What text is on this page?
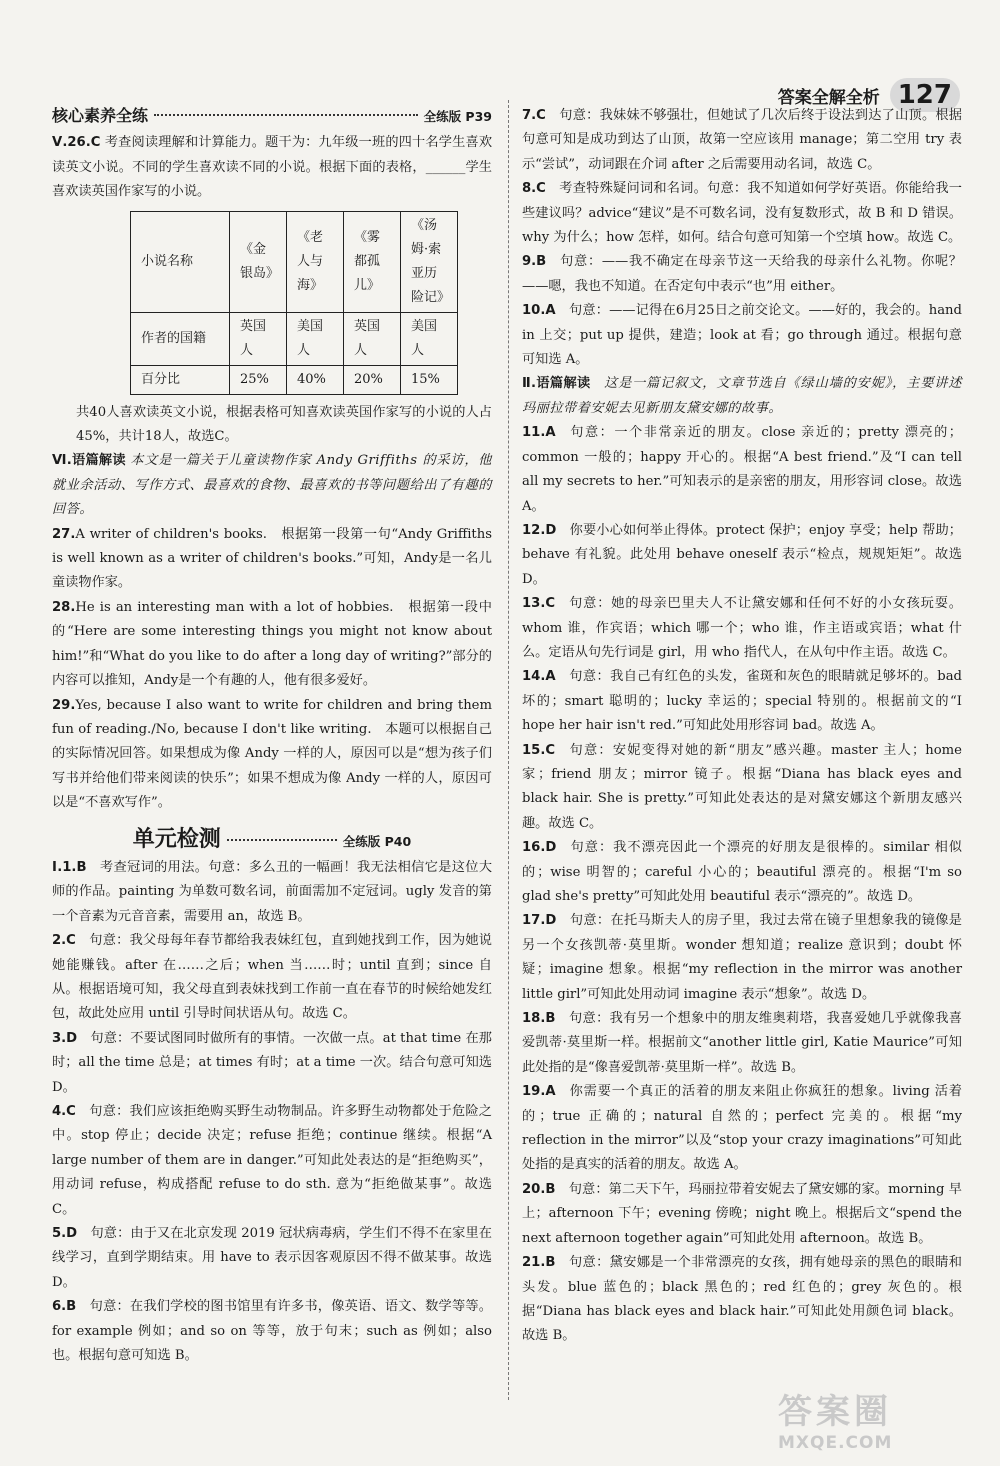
答案全解全析 127
核心素养全练	全练版 P39

Ⅴ.26.C 考查阅读理解和计算能力。题干为：九年级一班的四十名学生喜欢读英文小说。不同的学生喜欢读不同的小说。根据下面的表格，______学生喜欢读英国作家写的小说。

小说名称	《金银岛》	《老人与海》	《雾都孤儿》	《汤姆·索亚历险记》
作者的国籍	英国人	美国人	英国人	美国人
百分比	25%	40%	20%	15%

共40人喜欢读英文小说，根据表格可知喜欢读英国作家写的小说的人占45%，共计18人，故选C。

Ⅵ.语篇解读 本文是一篇关于儿童读物作家 Andy Griffiths 的采访，他就业余活动、写作方式、最喜欢的食物、最喜欢的书等问题给出了有趣的回答。

27.A writer of children's books.　根据第一段第一句“Andy Griffiths is well known as a writer of children's books.”可知，Andy是一名儿童读物作家。

28.He is an interesting man with a lot of hobbies.　根据第一段中的“Here are some interesting things you might not know about him!”和“What do you like to do after a long day of writing?”部分的内容可以推知，Andy是一个有趣的人，他有很多爱好。

29.Yes, because I also want to write for children and bring them fun of reading./No, because I don't like writing.　本题可以根据自己的实际情况回答。如果想成为像 Andy 一样的人，原因可以是“想为孩子们写书并给他们带来阅读的快乐”；如果不想成为像 Andy 一样的人，原因可以是“不喜欢写作”。

单元检测	全练版 P40

Ⅰ.1.B  考查冠词的用法。句意：多么丑的一幅画！我无法相信它是这位大师的作品。painting 为单数可数名词，前面需加不定冠词。ugly 发音的第一个音素为元音音素，需要用 an，故选 B。

2.C  句意：我父母每年春节都给我表妹红包，直到她找到工作，因为她说她能赚钱。after 在……之后；when 当……时；until 直到；since 自从。根据语境可知，我父母直到表妹找到工作前一直在春节的时候给她发红包，故此处应用 until 引导时间状语从句。故选 C。

3.D  句意：不要试图同时做所有的事情。一次做一点。at that time 在那时；all the time 总是；at times 有时；at a time 一次。结合句意可知选 D。

4.C  句意：我们应该拒绝购买野生动物制品。许多野生动物都处于危险之中。stop 停止；decide 决定；refuse 拒绝；continue 继续。根据“A large number of them are in danger.”可知此处表达的是“拒绝购买”，用动词 refuse，构成搭配 refuse to do sth. 意为“拒绝做某事”。故选 C。

5.D  句意：由于又在北京发现 2019 冠状病毒病，学生们不得不在家里在线学习，直到学期结束。用 have to 表示因客观原因不得不做某事。故选 D。

6.B  句意：在我们学校的图书馆里有许多书，像英语、语文、数学等等。for example 例如；and so on 等等，放于句末；such as 例如；also 也。根据句意可知选 B。

7.C  句意：我妹妹不够强壮，但她试了几次后终于设法到达了山顶。根据句意可知是成功到达了山顶，故第一空应该用 manage；第二空用 try 表示“尝试”，动词跟在介词 after 之后需要用动名词，故选 C。

8.C  考查特殊疑问词和名词。句意：我不知道如何学好英语。你能给我一些建议吗？advice“建议”是不可数名词，没有复数形式，故 B 和 D 错误。why 为什么；how 怎样，如何。结合句意可知第一个空填 how。故选 C。

9.B  句意：——我不确定在母亲节这一天给我的母亲什么礼物。你呢？——嗯，我也不知道。在否定句中表示“也”用 either。

10.A  句意：——记得在6月25日之前交论文。——好的，我会的。hand in 上交；put up 提供，建造；look at 看；go through 通过。根据句意可知选 A。

Ⅱ.语篇解读  这是一篇记叙文，文章节选自《绿山墙的安妮》，主要讲述玛丽拉带着安妮去见新朋友黛安娜的故事。

11.A  句意：一个非常亲近的朋友。close 亲近的；pretty 漂亮的；common 一般的；happy 开心的。根据“A best friend.”及“I can tell all my secrets to her.”可知表示的是亲密的朋友，用形容词 close。故选 A。

12.D  你要小心如何举止得体。protect 保护；enjoy 享受；help 帮助；behave 有礼貌。此处用 behave oneself 表示“检点，规规矩矩”。故选 D。

13.C  句意：她的母亲巴里夫人不让黛安娜和任何不好的小女孩玩耍。whom 谁，作宾语；which 哪一个；who 谁，作主语或宾语；what 什么。定语从句先行词是 girl，用 who 指代人，在从句中作主语。故选 C。

14.A  句意：我自己有红色的头发，雀斑和灰色的眼睛就足够坏的。bad 坏的；smart 聪明的；lucky 幸运的；special 特别的。根据前文的“I hope her hair isn't red.”可知此处用形容词 bad。故选 A。

15.C  句意：安妮变得对她的新“朋友”感兴趣。master 主人；home 家；friend 朋友；mirror 镜子。根据“Diana has black eyes and black hair. She is pretty.”可知此处表达的是对黛安娜这个新朋友感兴趣。故选 C。

16.D  句意：我不漂亮因此一个漂亮的好朋友是很棒的。similar 相似的；wise 明智的；careful 小心的；beautiful 漂亮的。根据“I'm so glad she's pretty”可知此处用 beautiful 表示“漂亮的”。故选 D。

17.D  句意：在托马斯夫人的房子里，我过去常在镜子里想象我的镜像是另一个女孩凯蒂·莫里斯。wonder 想知道；realize 意识到；doubt 怀疑；imagine 想象。根据“my reflection in the mirror was another little girl”可知此处用动词 imagine 表示“想象”。故选 D。

18.B  句意：我有另一个想象中的朋友维奥莉塔，我喜爱她几乎就像我喜爱凯蒂·莫里斯一样。根据前文“another little girl, Katie Maurice”可知此处指的是“像喜爱凯蒂·莫里斯一样”。故选 B。

19.A  你需要一个真正的活着的朋友来阻止你疯狂的想象。living 活着的；true 正确的；natural 自然的；perfect 完美的。根据“my reflection in the mirror”以及“stop your crazy imaginations”可知此处指的是真实的活着的朋友。故选 A。

20.B  句意：第二天下午，玛丽拉带着安妮去了黛安娜的家。morning 早上；afternoon 下午；evening 傍晚；night 晚上。根据后文“spend the next afternoon together again”可知此处用 afternoon。故选 B。

21.B  句意：黛安娜是一个非常漂亮的女孩，拥有她母亲的黑色的眼睛和头发。blue 蓝色的；black 黑色的；red 红色的；grey 灰色的。根据“Diana has black eyes and black hair.”可知此处用颜色词 black。故选 B。

答案圈
MXQE.COM
